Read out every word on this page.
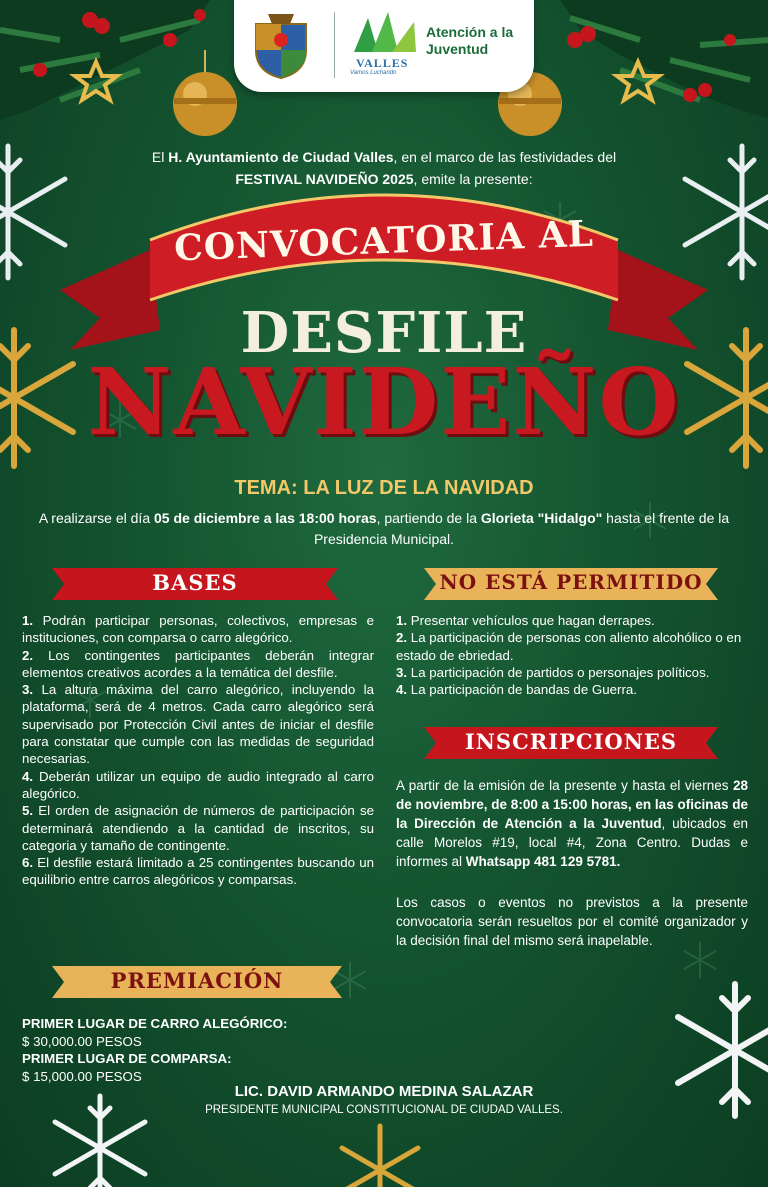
VALLES
Vamos Luchando
Atención a la Juventud

El H. Ayuntamiento de Ciudad Valles, en el marco de las festividades del

FESTIVAL NAVIDEÑO 2025, emite la presente:

CONVOCATORIA AL
DESFILE
NAVIDEÑO
TEMA: LA LUZ DE LA NAVIDAD
A realizarse el día 05 de diciembre a las 18:00 horas, partiendo de la Glorieta "Hidalgo" hasta el frente de la Presidencia Municipal.
BASES	NO ESTÁ PERMITIDO
INSCRIPCIONES
PREMIACIÓN

1. Podrán participar personas, colectivos, empresas e instituciones, con comparsa o carro alegórico.

2. Los contingentes participantes deberán integrar elementos creativos acordes a la temática del desfile.

3. La altura máxima del carro alegórico, incluyendo la plataforma, será de 4 metros. Cada carro alegórico será supervisado por Protección Civil antes de iniciar el desfile para constatar que cumple con las medidas de seguridad necesarias.

4. Deberán utilizar un equipo de audio integrado al carro alegórico.

5. El orden de asignación de números de participación se determinará atendiendo a la cantidad de inscritos, su categoria y tamaño de contingente.

6. El desfile estará limitado a 25 contingentes buscando un equilibrio entre carros alegóricos y comparsas.

1. Presentar vehículos que hagan derrapes.

2. La participación de personas con aliento alcohólico o en estado de ebriedad.

3. La participación de partidos o personajes políticos.

4. La participación de bandas de Guerra.

A partir de la emisión de la presente y hasta el viernes 28 de noviembre, de 8:00 a 15:00 horas, en las oficinas de la Dirección de Atención a la Juventud, ubicados en calle Morelos #19, local #4, Zona Centro. Dudas e informes al Whatsapp 481 129 5781.
Los casos o eventos no previstos a la presente convocatoria serán resueltos por el comité organizador y la decisión final del mismo será inapelable.
PRIMER LUGAR DE CARRO ALEGÓRICO:
$ 30,000.00 PESOS
PRIMER LUGAR DE COMPARSA:
$ 15,000.00 PESOS
LIC. DAVID ARMANDO MEDINA SALAZAR
PRESIDENTE MUNICIPAL CONSTITUCIONAL DE CIUDAD VALLES.
